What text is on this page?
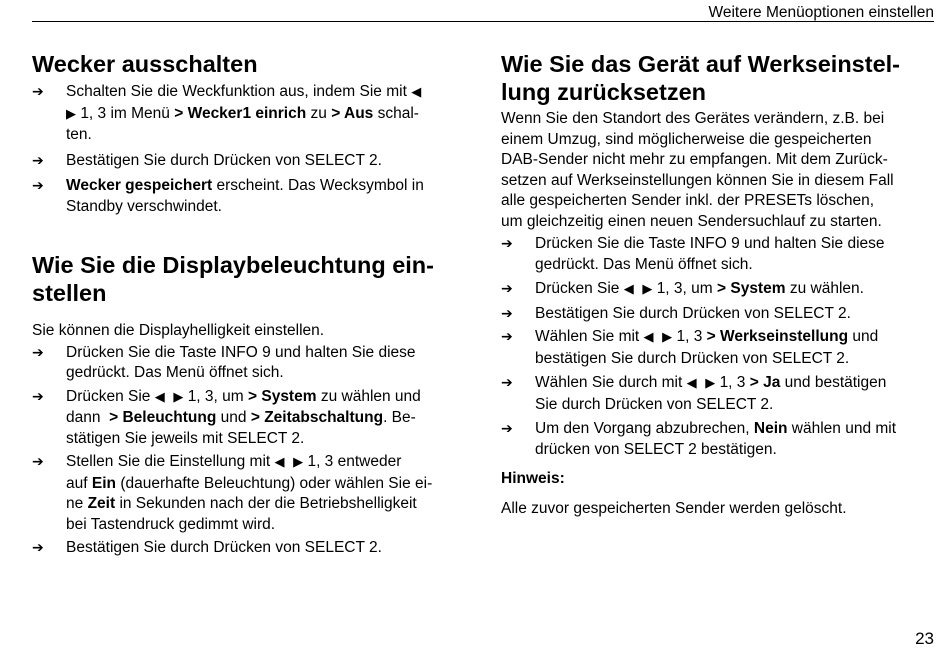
Weitere Menüoptionen einstellen
Wecker ausschalten

➔	Schalten Sie die Weckfunktion aus, indem Sie mit ◀
▶ 1, 3 im Menü > Wecker1 einrich zu > Aus schal-
ten.

➔	Bestätigen Sie durch Drücken von SELECT 2.

➔	Wecker gespeichert erscheint. Das Wecksymbol in
Standby verschwindet.

Wie Sie die Displaybeleuchtung ein-
stellen

Sie können die Displayhelligkeit einstellen.

➔	Drücken Sie die Taste INFO 9 und halten Sie diese
gedrückt. Das Menü öffnet sich.

➔	Drücken Sie ◀ ▶ 1, 3, um > System zu wählen und
dann > Beleuchtung und > Zeitabschaltung. Be-
stätigen Sie jeweils mit SELECT 2.

➔	Stellen Sie die Einstellung mit ◀ ▶ 1, 3 entweder
auf Ein (dauerhafte Beleuchtung) oder wählen Sie ei-
ne Zeit in Sekunden nach der die Betriebshelligkeit
bei Tastendruck gedimmt wird.

➔	Bestätigen Sie durch Drücken von SELECT 2.

Wie Sie das Gerät auf Werkseinstel-
lung zurücksetzen

Wenn Sie den Standort des Gerätes verändern, z.B. bei
einem Umzug, sind möglicherweise die gespeicherten
DAB-Sender nicht mehr zu empfangen. Mit dem Zurück-
setzen auf Werkseinstellungen können Sie in diesem Fall
alle gespeicherten Sender inkl. der PRESETs löschen,
um gleichzeitig einen neuen Sendersuchlauf zu starten.

➔	Drücken Sie die Taste INFO 9 und halten Sie diese
gedrückt. Das Menü öffnet sich.

➔	Drücken Sie ◀ ▶ 1, 3, um > System zu wählen.

➔	Bestätigen Sie durch Drücken von SELECT 2.

➔	Wählen Sie mit ◀ ▶ 1, 3 > Werkseinstellung und
bestätigen Sie durch Drücken von SELECT 2.

➔	Wählen Sie durch mit ◀ ▶ 1, 3 > Ja und bestätigen
Sie durch Drücken von SELECT 2.

➔	Um den Vorgang abzubrechen, Nein wählen und mit
drücken von SELECT 2 bestätigen.

Hinweis:

Alle zuvor gespeicherten Sender werden gelöscht.

23
